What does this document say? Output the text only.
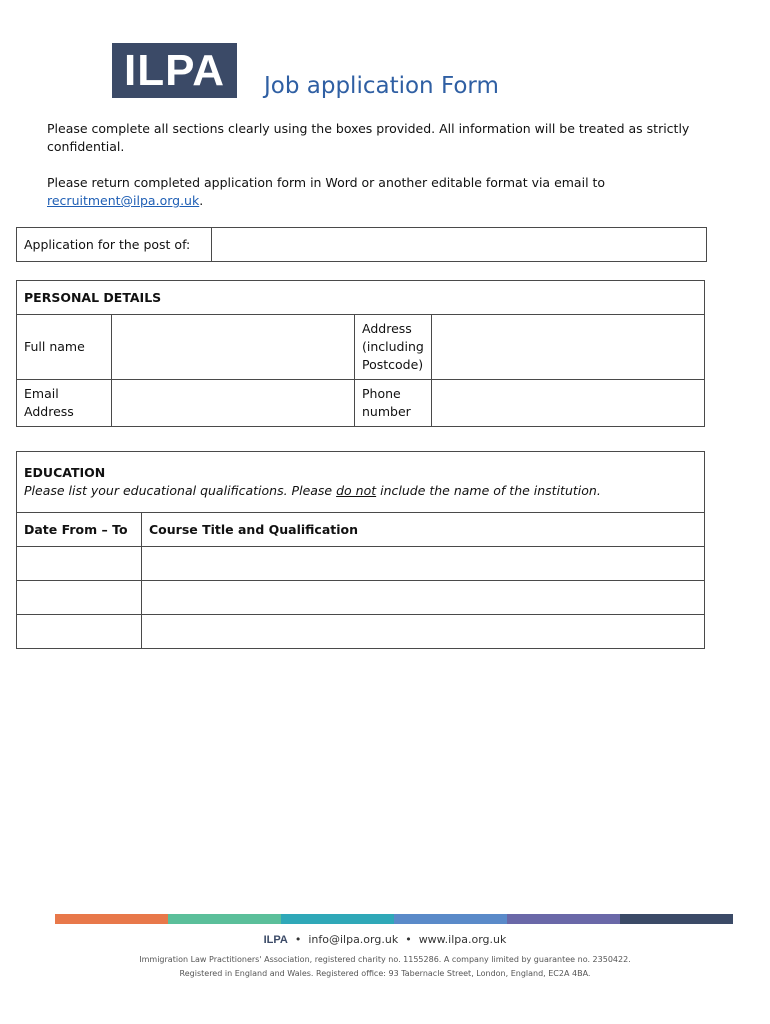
ILPA	Job application Form
Please complete all sections clearly using the boxes provided. All information will be treated as strictly confidential.
Please return completed application form in Word or another editable format via email to recruitment@ilpa.org.uk.
Application for the post of:	
PERSONAL DETAILS			
Full name		Address (including Postcode)	
Email Address		Phone number	
EDUCATION
Please list your educational qualifications. Please do not include the name of the institution.	

Date From – To	Course Title and Qualification

ILPA • info@ilpa.org.uk • www.ilpa.org.uk
Immigration Law Practitioners' Association, registered charity no. 1155286. A company limited by guarantee no. 2350422.
Registered in England and Wales. Registered office: 93 Tabernacle Street, London, England, EC2A 4BA.
